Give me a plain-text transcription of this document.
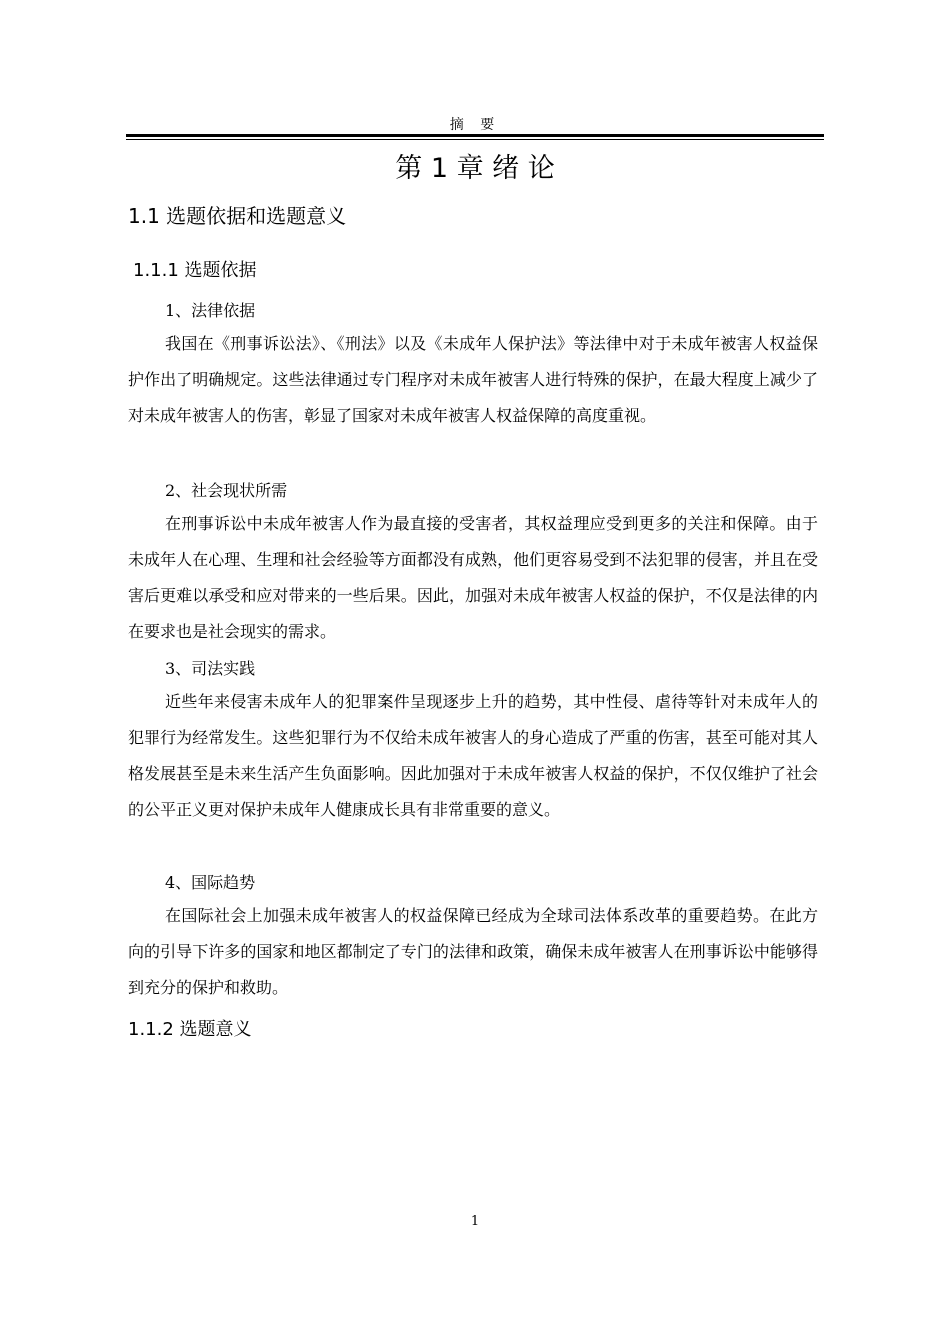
摘 要
第 1 章 绪 论
1.1 选题依据和选题意义
1.1.1 选题依据
1、法律依据

我国在《刑事诉讼法》、《刑法》以及《未成年人保护法》等法律中对于未成年被害人权益保护作出了明确规定。这些法律通过专门程序对未成年被害人进行特殊的保护，在最大程度上减少了对未成年被害人的伤害，彰显了国家对未成年被害人权益保障的高度重视。

2、社会现状所需

在刑事诉讼中未成年被害人作为最直接的受害者，其权益理应受到更多的关注和保障。由于未成年人在心理、生理和社会经验等方面都没有成熟，他们更容易受到不法犯罪的侵害，并且在受害后更难以承受和应对带来的一些后果。因此，加强对未成年被害人权益的保护，不仅是法律的内在要求也是社会现实的需求。

3、司法实践

近些年来侵害未成年人的犯罪案件呈现逐步上升的趋势，其中性侵、虐待等针对未成年人的犯罪行为经常发生。这些犯罪行为不仅给未成年被害人的身心造成了严重的伤害，甚至可能对其人格发展甚至是未来生活产生负面影响。因此加强对于未成年被害人权益的保护，不仅仅维护了社会的公平正义更对保护未成年人健康成长具有非常重要的意义。

4、国际趋势

在国际社会上加强未成年被害人的权益保障已经成为全球司法体系改革的重要趋势。在此方向的引导下许多的国家和地区都制定了专门的法律和政策，确保未成年被害人在刑事诉讼中能够得到充分的保护和救助。

1.1.2 选题意义
1
